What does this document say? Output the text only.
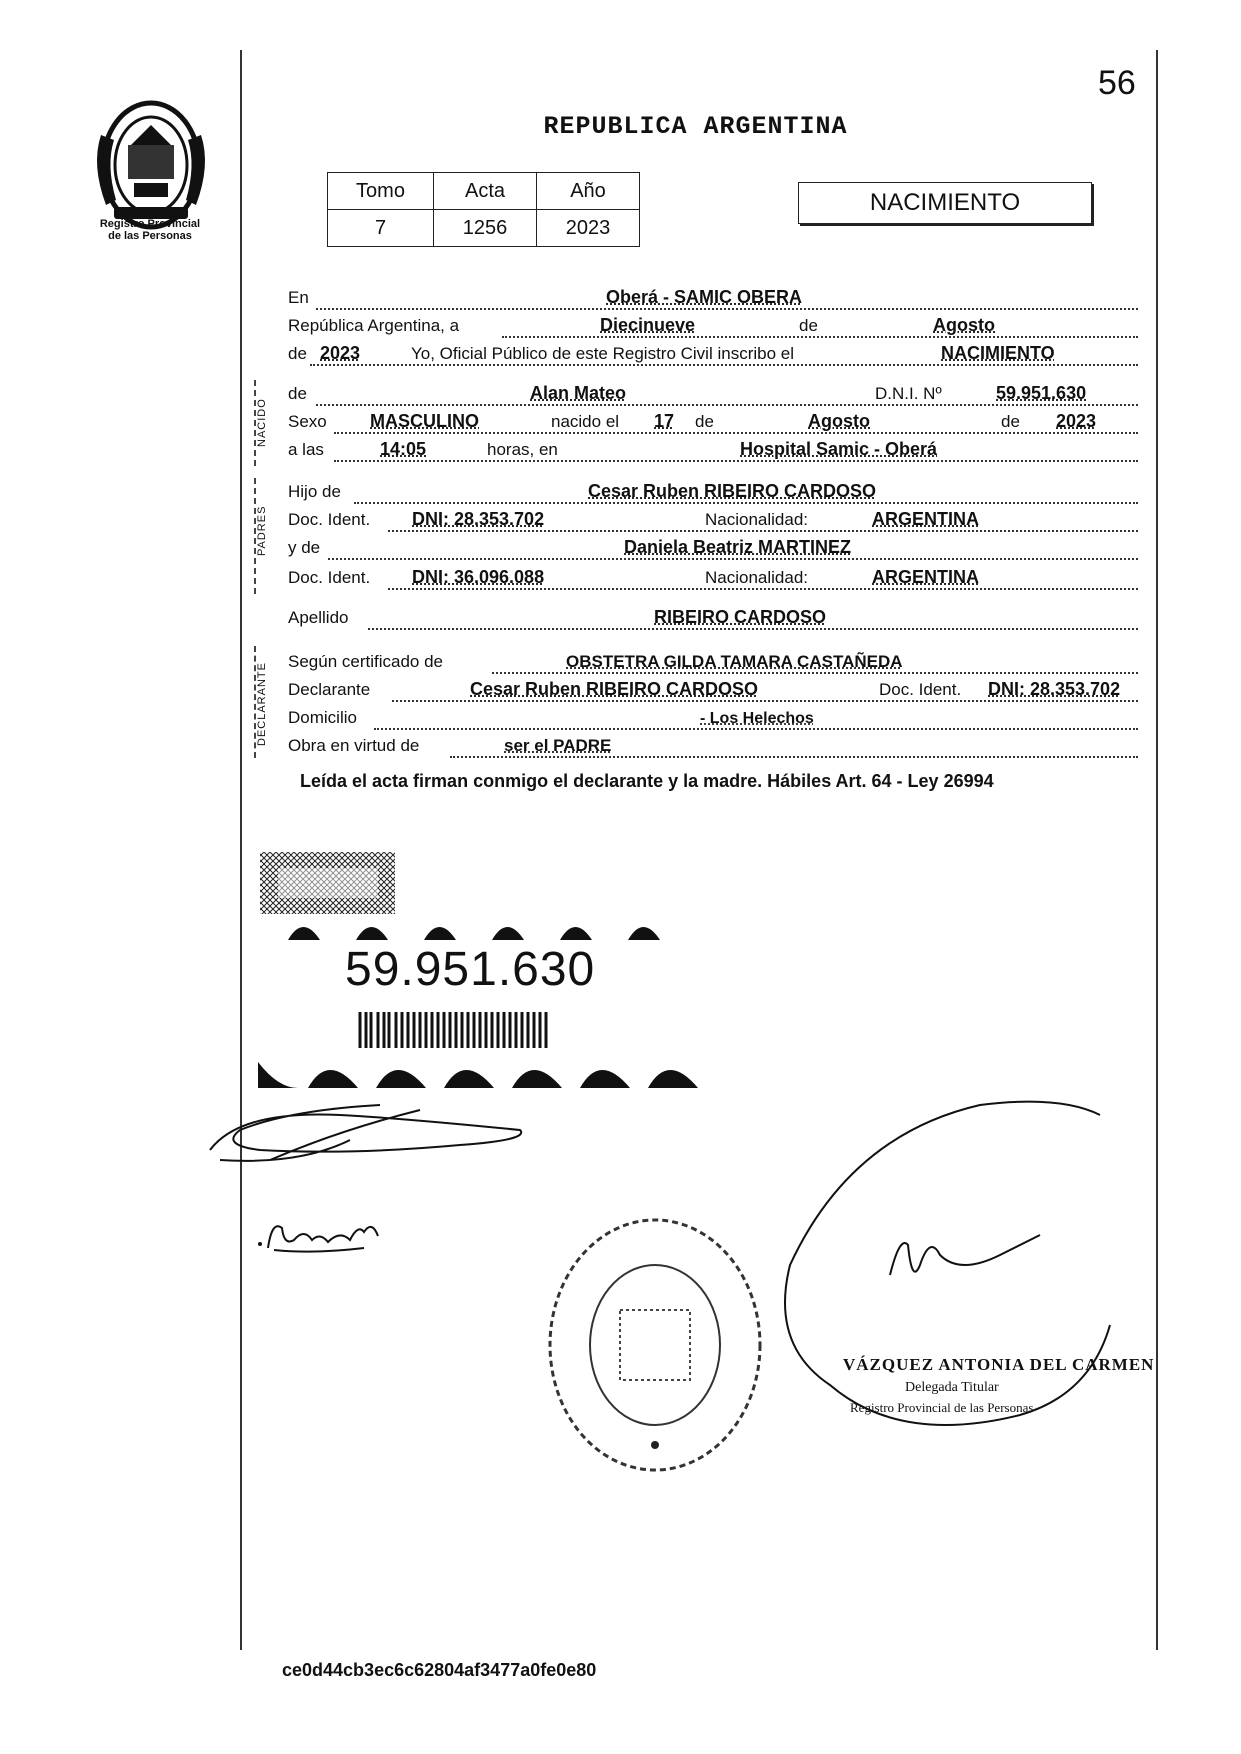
56
Registro Provincial
de las Personas
REPUBLICA ARGENTINA
Tomo	Acta	Año
7	1256	2023
NACIMIENTO
En	Oberá - SAMIC OBERA
República Argentina, a	Diecinueve	de	Agosto
de 2023	Yo, Oficial Público de este Registro Civil inscribo el	NACIMIENTO
NACIDO
de	Alan Mateo	D.N.I. Nº	59.951.630
Sexo MASCULINO	nacido el 17 de	Agosto	de 2023
a las	14:05	horas, en	Hospital Samic - Oberá
PADRES
Hijo de	Cesar Ruben RIBEIRO CARDOSO
Doc. Ident. DNI: 28.353.702	Nacionalidad:	ARGENTINA
y de	Daniela Beatriz MARTINEZ
Doc. Ident. DNI: 36.096.088	Nacionalidad:	ARGENTINA
Apellido	RIBEIRO CARDOSO
DECLARANTE
Según certificado de	OBSTETRA GILDA TAMARA CASTAÑEDA
Declarante	Cesar Ruben RIBEIRO CARDOSO	Doc. Ident. DNI: 28.353.702
Domicilio	- Los Helechos
Obra en virtud de	ser el PADRE
Leída el acta firman conmigo el declarante y la madre. Hábiles Art. 64 - Ley 26994
59.951.630
VÁZQUEZ ANTONIA DEL CARMEN
Delegada Titular
Registro Provincial de las Personas
ce0d44cb3ec6c62804af3477a0fe0e80
